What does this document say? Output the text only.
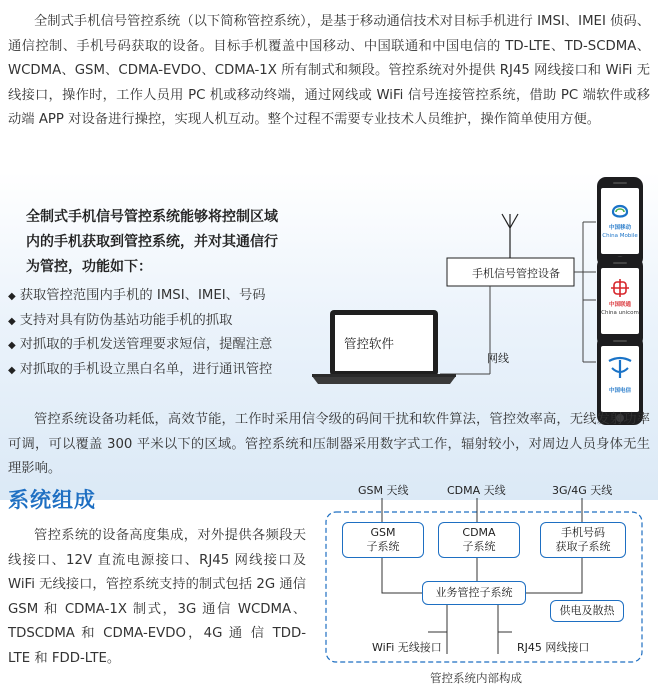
全制式手机信号管控系统（以下简称管控系统），是基于移动通信技术对目标手机进行 IMSI、IMEI 侦码、通信控制、手机号码获取的设备。目标手机覆盖中国移动、中国联通和中国电信的 TD-LTE、TD-SCDMA、WCDMA、GSM、CDMA-EVDO、CDMA-1X 所有制式和频段。管控系统对外提供 RJ45 网线接口和 WiFi 无线接口，操作时，工作人员用 PC 机或移动终端，通过网线或 WiFi 信号连接管控系统，借助 PC 端软件或移动端 APP 对设备进行操控，实现人机互动。整个过程不需要专业技术人员维护，操作简单使用方便。

全制式手机信号管控系统能够将控制区域内的手机获取到管控系统，并对其通信行为管控，功能如下：
◆ 获取管控范围内手机的 IMSI、IMEI、号码
◆ 支持对具有防伪基站功能手机的抓取
◆ 对抓取的手机发送管理要求短信，提醒注意
◆ 对抓取的手机设立黑白名单，进行通讯管控
手机信号管控设备
管控软件
网线
中国移动
China Mobile
中国联通
China unicom
中国电信

管控系统设备功耗低，高效节能，工作时采用信令级的码间干扰和软件算法，管控效率高，无线发射功率可调，可以覆盖 300 平米以下的区域。管控系统和压制器采用数字式工作，辐射较小，对周边人员身体无生理影响。

系统组成

管控系统的设备高度集成，对外提供各频段天线接口、12V 直流电源接口、RJ45 网线接口及 WiFi 无线接口，管控系统支持的制式包括 2G 通信 GSM 和 CDMA-1X 制式，3G 通信 WCDMA、TDSCDMA 和 CDMA-EVDO，4G 通 信 TDD-LTE 和 FDD-LTE。

GSM 天线	CDMA 天线	3G/4G 天线
GSM
子系统
CDMA
子系统
手机号码
获取子系统
业务管控子系统
供电及散热
WiFi 无线接口	RJ45 网线接口
管控系统内部构成
